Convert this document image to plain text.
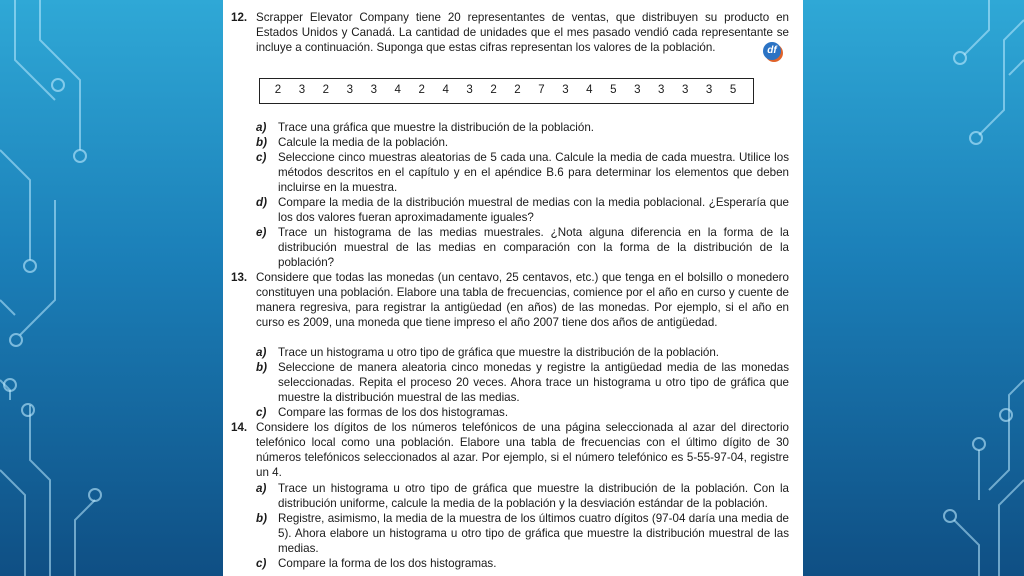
12. Scrapper Elevator Company tiene 20 representantes de ventas, que distribuyen su producto en Estados Unidos y Canadá. La cantidad de unidades que el mes pasado vendió cada representante se incluye a continuación. Suponga que estas cifras representan los valores de la población.	df
2	3	2	3	3	4	2	4	3	2	2	7	3	4	5	3	3	3	3	5
a) Trace una gráfica que muestre la distribución de la población.

b) Calcule la media de la población.

c) Seleccione cinco muestras aleatorias de 5 cada una. Calcule la media de cada muestra. Utilice los métodos descritos en el capítulo y en el apéndice B.6 para determinar los elementos que deben incluirse en la muestra.

d) Compare la media de la distribución muestral de medias con la media poblacional. ¿Esperaría que los dos valores fueran aproximadamente iguales?

e) Trace un histograma de las medias muestrales. ¿Nota alguna diferencia en la forma de la distribución muestral de las medias en comparación con la forma de la distribución de la población?

13. Considere que todas las monedas (un centavo, 25 centavos, etc.) que tenga en el bolsillo o monedero constituyen una población. Elabore una tabla de frecuencias, comience por el año en curso y cuente de manera regresiva, para registrar la antigüedad (en años) de las monedas. Por ejemplo, si el año en curso es 2009, una moneda que tiene impreso el año 2007 tiene dos años de antigüedad.

a) Trace un histograma u otro tipo de gráfica que muestre la distribución de la población.

b) Seleccione de manera aleatoria cinco monedas y registre la antigüedad media de las monedas seleccionadas. Repita el proceso 20 veces. Ahora trace un histograma u otro tipo de gráfica que muestre la distribución muestral de las medias.

c) Compare las formas de los dos histogramas.

14. Considere los dígitos de los números telefónicos de una página seleccionada al azar del directorio telefónico local como una población. Elabore una tabla de frecuencias con el último dígito de 30 números telefónicos seleccionados al azar. Por ejemplo, si el número telefónico es 5-55-97-04, registre un 4.

a) Trace un histograma u otro tipo de gráfica que muestre la distribución de la población. Con la distribución uniforme, calcule la media de la población y la desviación estándar de la población.

b) Registre, asimismo, la media de la muestra de los últimos cuatro dígitos (97-04 daría una media de 5). Ahora elabore un histograma u otro tipo de gráfica que muestre la distribución muestral de las medias.

c) Compare la forma de los dos histogramas.
